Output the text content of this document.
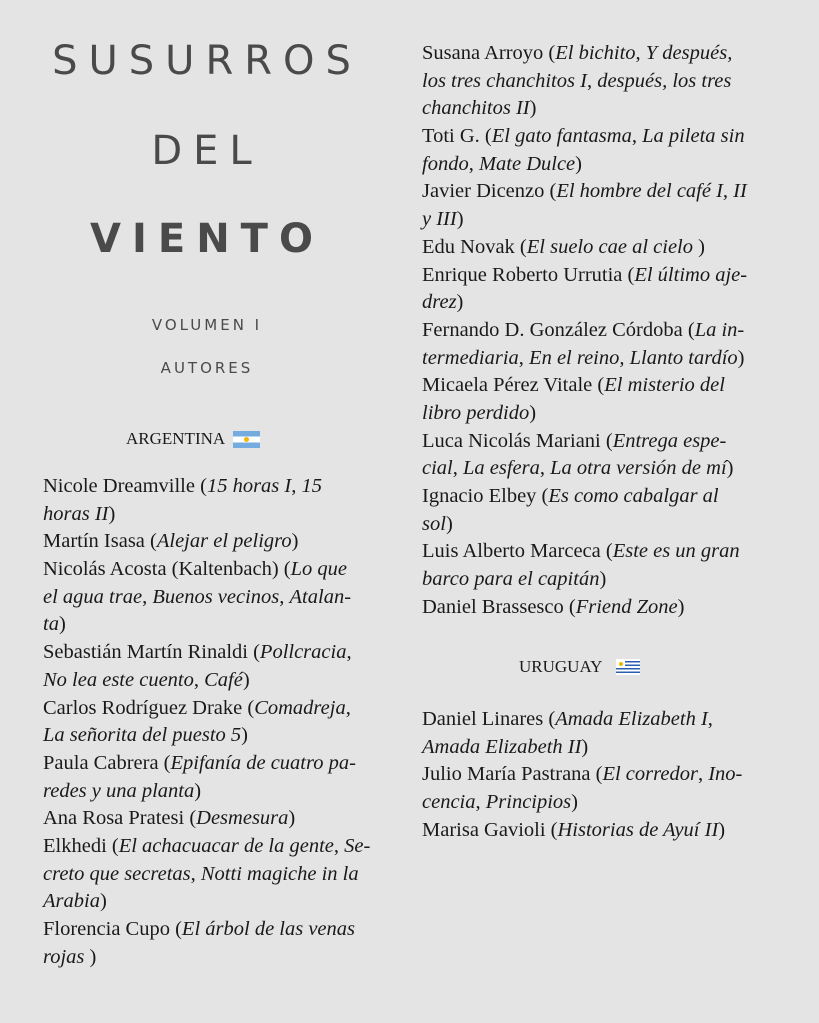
SUSURROS
DEL
VIENTO
VOLUMEN I
AUTORES
ARGENTINA
Nicole Dreamville (15 horas I, 15
horas II)
Martín Isasa (Alejar el peligro)
Nicolás Acosta (Kaltenbach) (Lo que
el agua trae, Buenos vecinos, Atalan-
ta)
Sebastián Martín Rinaldi (Pollcracia,
No lea este cuento, Café)
Carlos Rodríguez Drake (Comadreja,
La señorita del puesto 5)
Paula Cabrera (Epifanía de cuatro pa-
redes y una planta)
Ana Rosa Pratesi (Desmesura)
Elkhedi (El achacuacar de la gente, Se-
creto que secretas, Notti magiche in la
Arabia)
Florencia Cupo (El árbol de las venas
rojas )
Susana Arroyo (El bichito, Y después,
los tres chanchitos I, después, los tres
chanchitos II)
Toti G. (El gato fantasma, La pileta sin
fondo, Mate Dulce)
Javier Dicenzo (El hombre del café I, II
y III)
Edu Novak (El suelo cae al cielo )
Enrique Roberto Urrutia (El último aje-
drez)
Fernando D. González Córdoba (La in-
termediaria, En el reino, Llanto tardío)
Micaela Pérez Vitale (El misterio del
libro perdido)
Luca Nicolás Mariani (Entrega espe-
cial, La esfera, La otra versión de mí)
Ignacio Elbey (Es como cabalgar al
sol)
Luis Alberto Marceca (Este es un gran
barco para el capitán)
Daniel Brassesco (Friend Zone)
URUGUAY
Daniel Linares (Amada Elizabeth I,
Amada Elizabeth II)
Julio María Pastrana (El corredor, Ino-
cencia, Principios)
Marisa Gavioli (Historias de Ayuí II)
